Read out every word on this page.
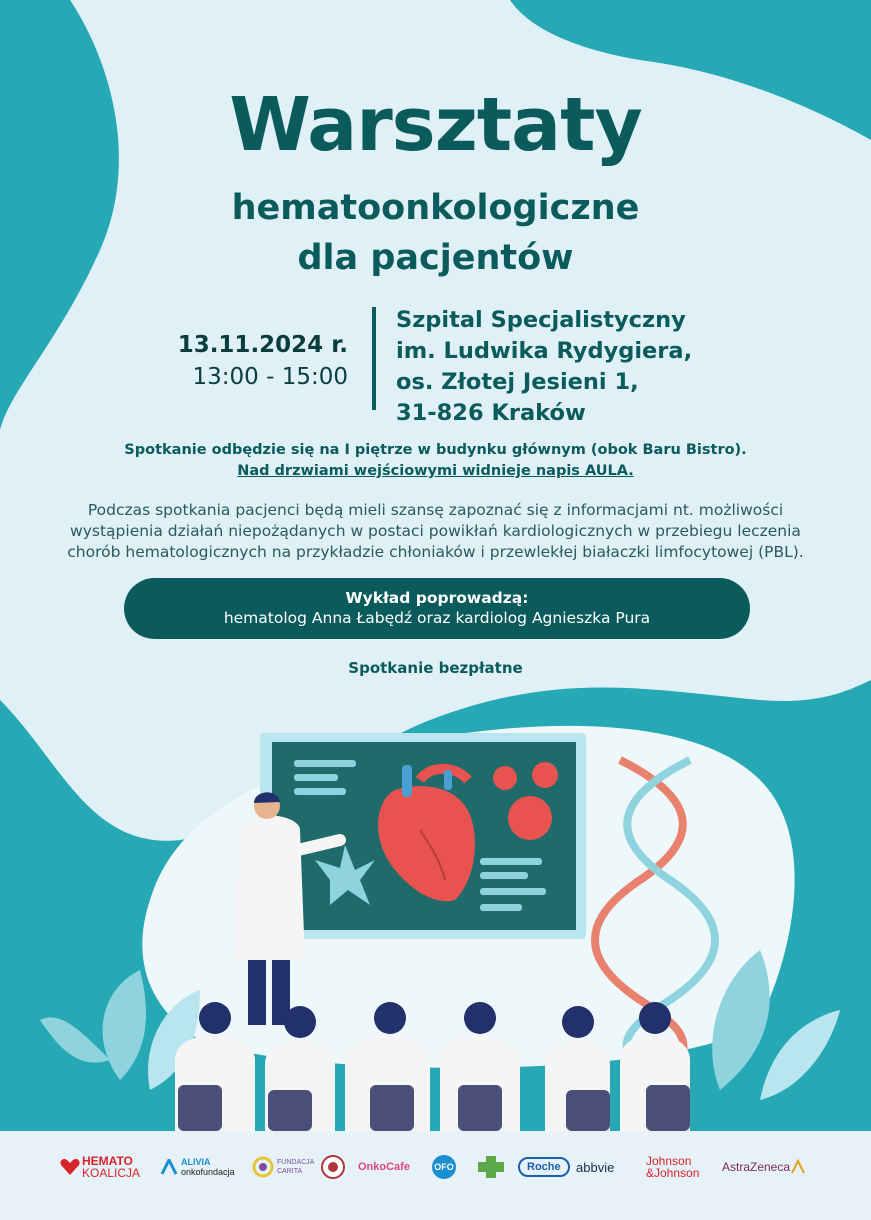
Warsztaty
hematoonkologiczne
dla pacjentów
13.11.2024 r.
13:00 - 15:00
Szpital Specjalistyczny
im. Ludwika Rydygiera,
os. Złotej Jesieni 1,
31-826 Kraków
Spotkanie odbędzie się na I piętrze w budynku głównym (obok Baru Bistro).
Nad drzwiami wejściowymi widnieje napis AULA.
Podczas spotkania pacjenci będą mieli szansę zapoznać się z informacjami nt. możliwości
wystąpienia działań niepożądanych w postaci powikłań kardiologicznych w przebiegu leczenia
chorób hematologicznych na przykładzie chłoniaków i przewlekłej białaczki limfocytowej (PBL).
Wykład poprowadzą:
hematolog Anna Łabędź oraz kardiolog Agnieszka Pura
Spotkanie bezpłatne
HEMATO
KOALICJA
ALIVIA
onkofundacja
FUNDACJA
CARITA	OnkoCafe	OFO	Roche	abbvie	Johnson
&Johnson AstraZeneca
